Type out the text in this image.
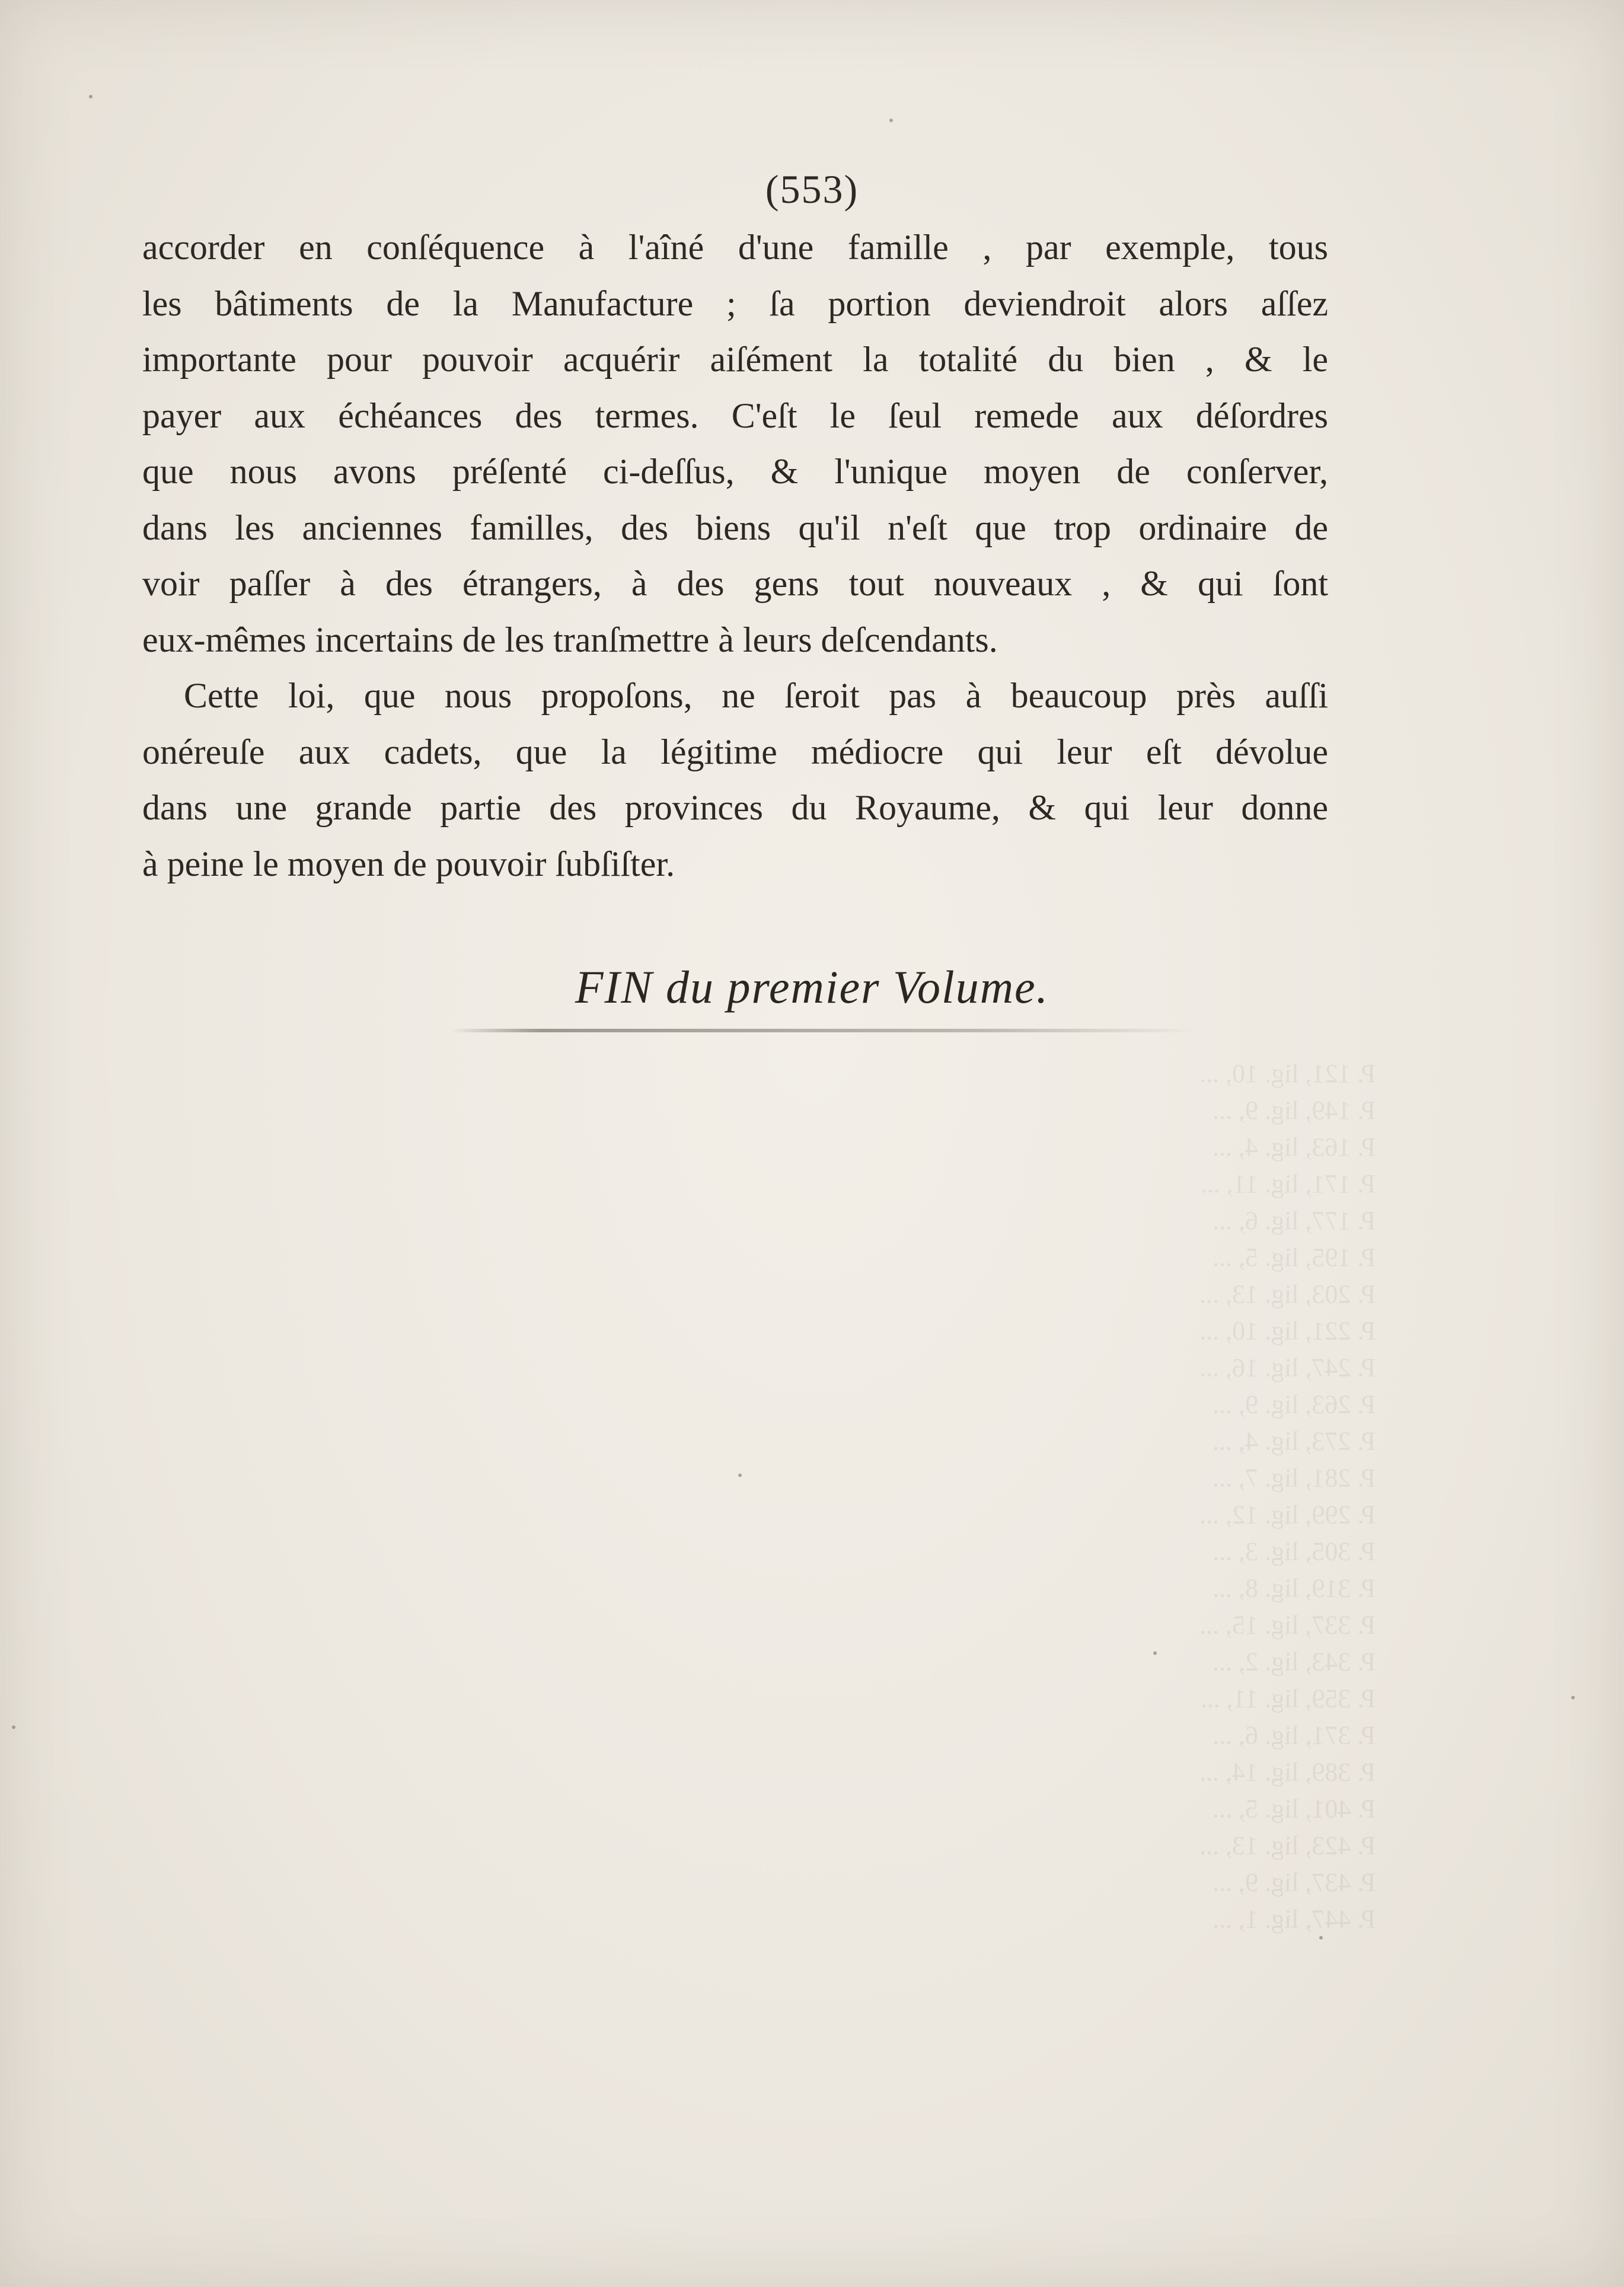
P. 121, lig. 10, ...
P. 149, lig. 9, ...
P. 163, lig. 4, ...
P. 171, lig. 11, ...
P. 177, lig. 6, ...
P. 195, lig. 5, ...
P. 203, lig. 13, ...
P. 221, lig. 10, ...
P. 247, lig. 16, ...
P. 263, lig. 9, ...
P. 273, lig. 4, ...
P. 281, lig. 7, ...
P. 299, lig. 12, ...
P. 305, lig. 3, ...
P. 319, lig. 8, ...
P. 337, lig. 15, ...
P. 343, lig. 2, ...
P. 359, lig. 11, ...
P. 371, lig. 6, ...
P. 389, lig. 14, ...
P. 401, lig. 5, ...
P. 423, lig. 13, ...
P. 437, lig. 9, ...
P. 447, lig. 1, ...
(553)
accorder en conſéquence à l'aîné d'une famille , par exemple, tous
les bâtiments de la Manufacture ; ſa portion deviendroit alors aſſez
importante pour pouvoir acquérir aiſément la totalité du bien , & le
payer aux échéances des termes. C'eſt le ſeul remede aux déſordres
que nous avons préſenté ci-deſſus, & l'unique moyen de conſerver,
dans les anciennes familles, des biens qu'il n'eſt que trop ordinaire de
voir paſſer à des étrangers, à des gens tout nouveaux , & qui ſont
eux-mêmes incertains de les tranſmettre à leurs deſcendants.
Cette loi, que nous propoſons, ne ſeroit pas à beaucoup près auſſi
onéreuſe aux cadets, que la légitime médiocre qui leur eſt dévolue
dans une grande partie des provinces du Royaume, & qui leur donne
à peine le moyen de pouvoir ſubſiſter.
FIN du premier Volume.
